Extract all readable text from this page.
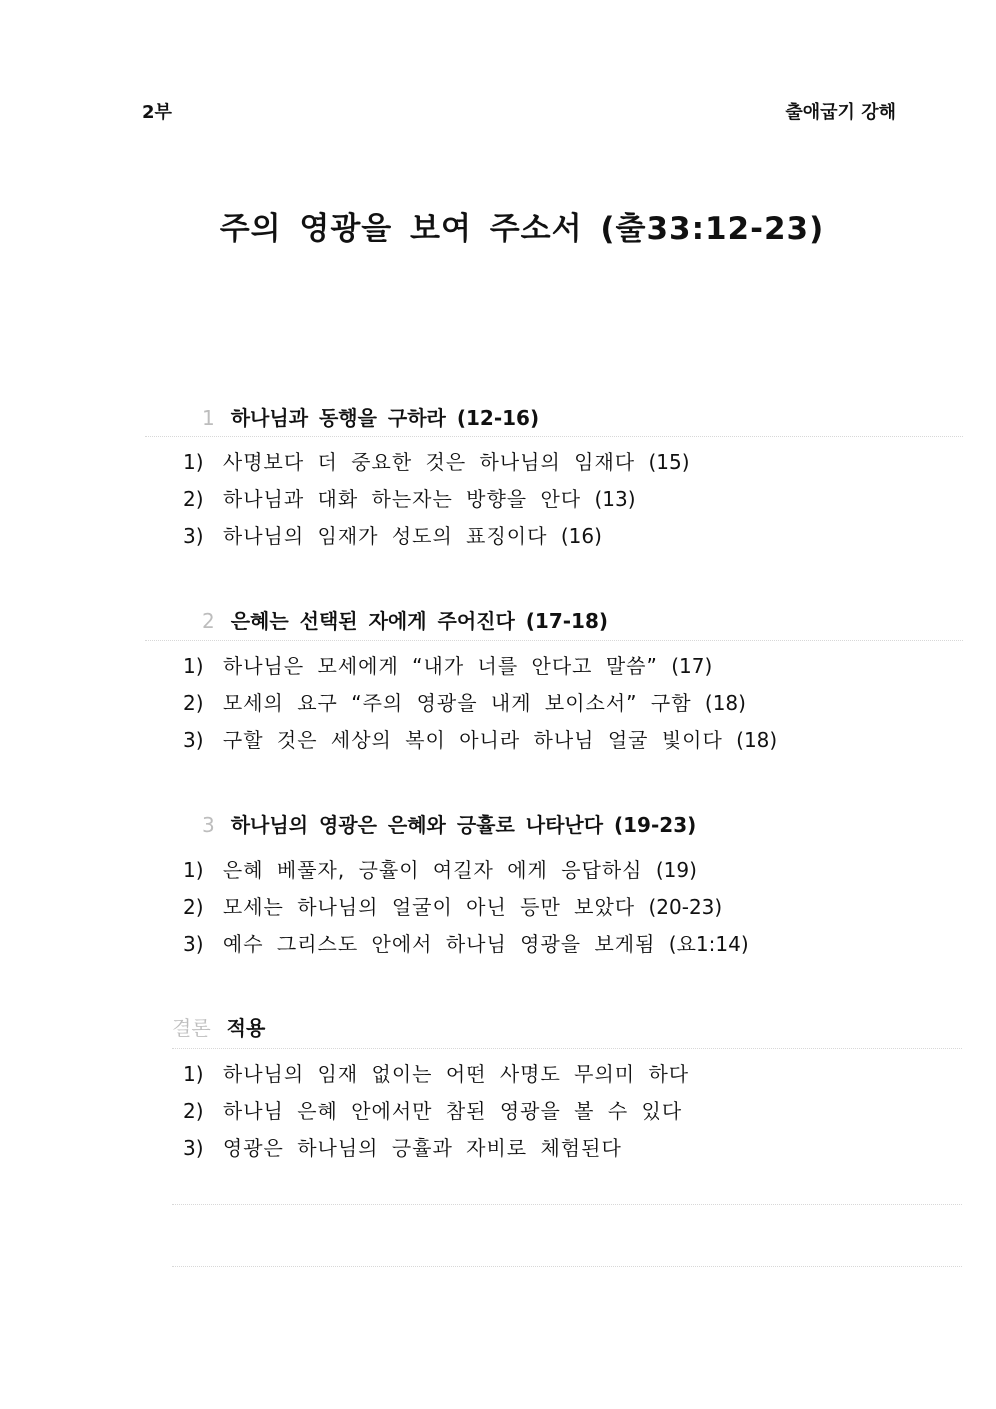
2부	출애굽기 강해
주의 영광을 보여 주소서 (출33:12-23)
1 하나님과 동행을 구하라 (12-16)
1) 사명보다 더 중요한 것은 하나님의 임재다 (15)
2) 하나님과 대화 하는자는 방향을 안다 (13)
3) 하나님의 임재가 성도의 표징이다 (16)
2 은혜는 선택된 자에게 주어진다 (17-18)
1) 하나님은 모세에게 “내가 너를 안다고 말씀” (17)
2) 모세의 요구 “주의 영광을 내게 보이소서” 구함 (18)
3) 구할 것은 세상의 복이 아니라 하나님 얼굴 빛이다 (18)
3 하나님의 영광은 은혜와 긍휼로 나타난다 (19-23)
1) 은혜 베풀자, 긍휼이 여길자 에게 응답하심 (19)
2) 모세는 하나님의 얼굴이 아닌 등만 보았다 (20-23)
3) 예수 그리스도 안에서 하나님 영광을 보게됨 (요1:14)
결론 적용
1) 하나님의 임재 없이는 어떤 사명도 무의미 하다
2) 하나님 은혜 안에서만 참된 영광을 볼 수 있다
3) 영광은 하나님의 긍휼과 자비로 체험된다
